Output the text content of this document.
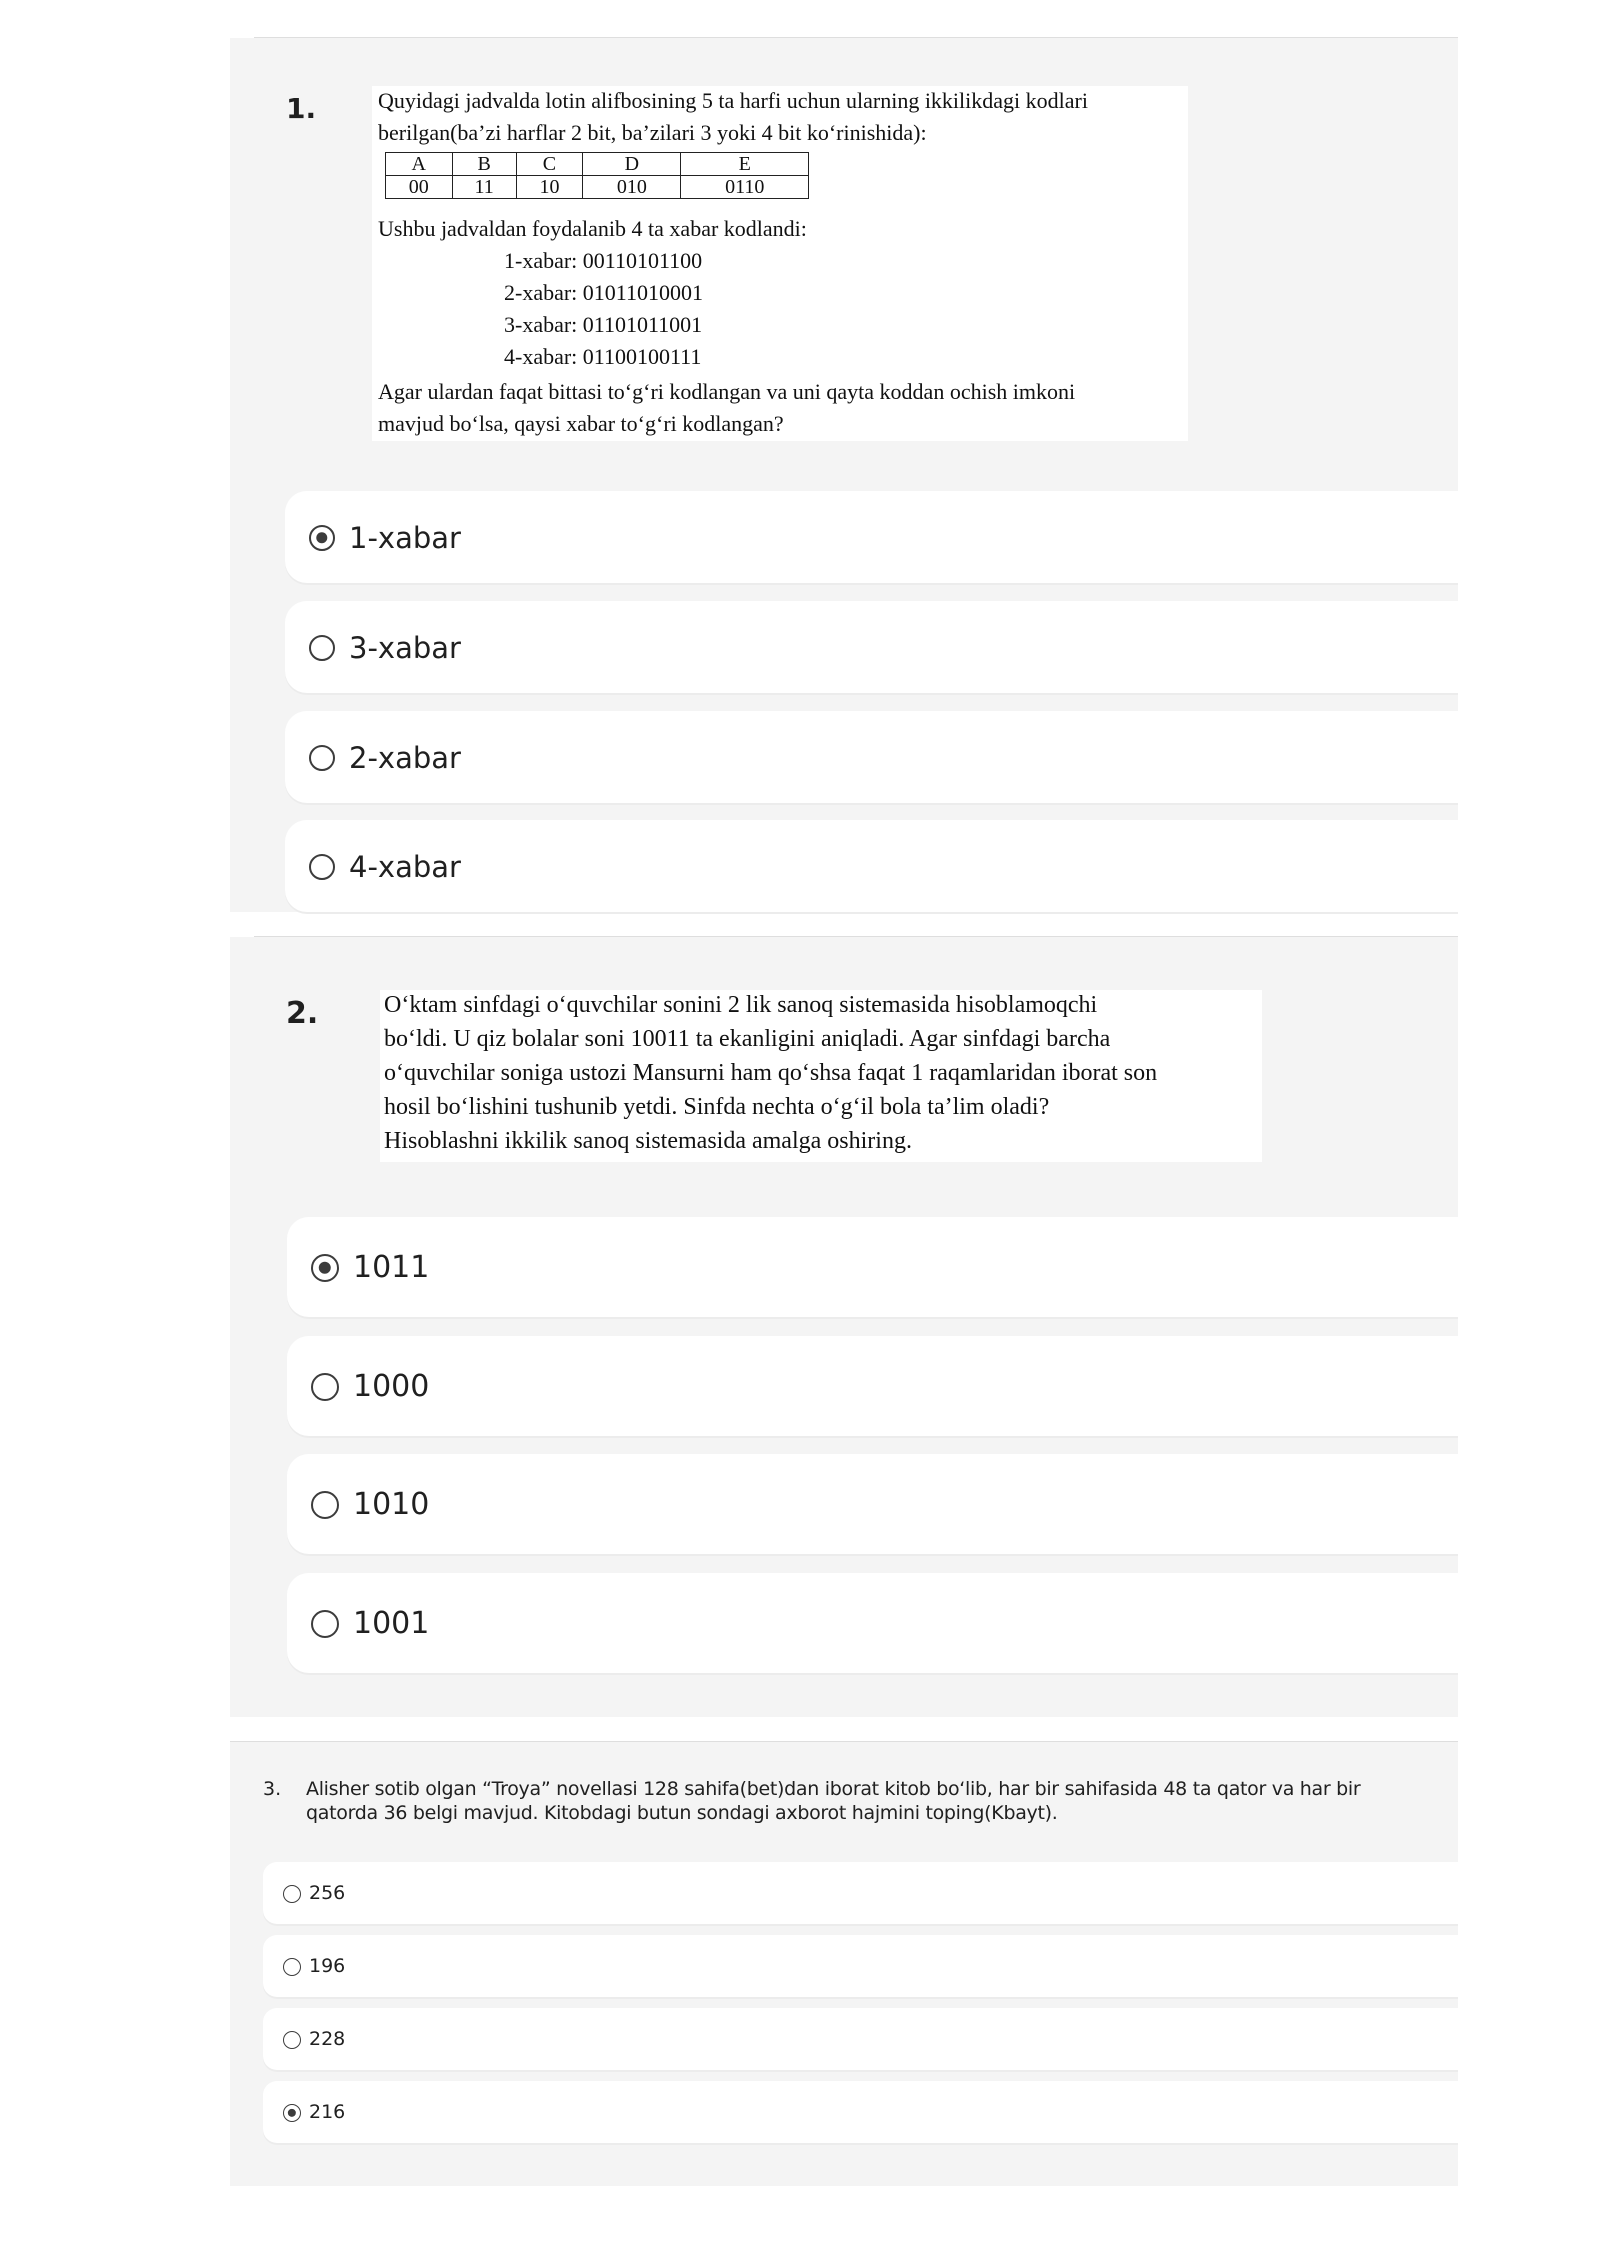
1.	Quyidagi jadvalda lotin alifbosining 5 ta harfi uchun ularning ikkilikdagi kodlari

berilgan(ba’zi harflar 2 bit, ba’zilari 3 yoki 4 bit ko‘rinishida):

A	B	C	D	E
00	11	10	010	0110

Ushbu jadvaldan foydalanib 4 ta xabar kodlandi:

1-xabar: 00110101100
2-xabar: 01011010001
3-xabar: 01101011001
4-xabar: 01100100111

Agar ulardan faqat bittasi to‘g‘ri kodlangan va uni qayta koddan ochish imkoni

mavjud bo‘lsa, qaysi xabar to‘g‘ri kodlangan?

1-xabar
3-xabar
2-xabar
4-xabar
2.	O‘ktam sinfdagi o‘quvchilar sonini 2 lik sanoq sistemasida hisoblamoqchi

bo‘ldi. U qiz bolalar soni 10011 ta ekanligini aniqladi. Agar sinfdagi barcha

o‘quvchilar soniga ustozi Mansurni ham qo‘shsa faqat 1 raqamlaridan iborat son

hosil bo‘lishini tushunib yetdi. Sinfda nechta o‘g‘il bola ta’lim oladi?

Hisoblashni ikkilik sanoq sistemasida amalga oshiring.

1011
1000
1010
1001
3. Alisher sotib olgan “Troya” novellasi 128 sahifa(bet)dan iborat kitob bo‘lib, har bir sahifasida 48 ta qator va har bir
qatorda 36 belgi mavjud. Kitobdagi butun sondagi axborot hajmini toping(Kbayt).
256
196
228
216
